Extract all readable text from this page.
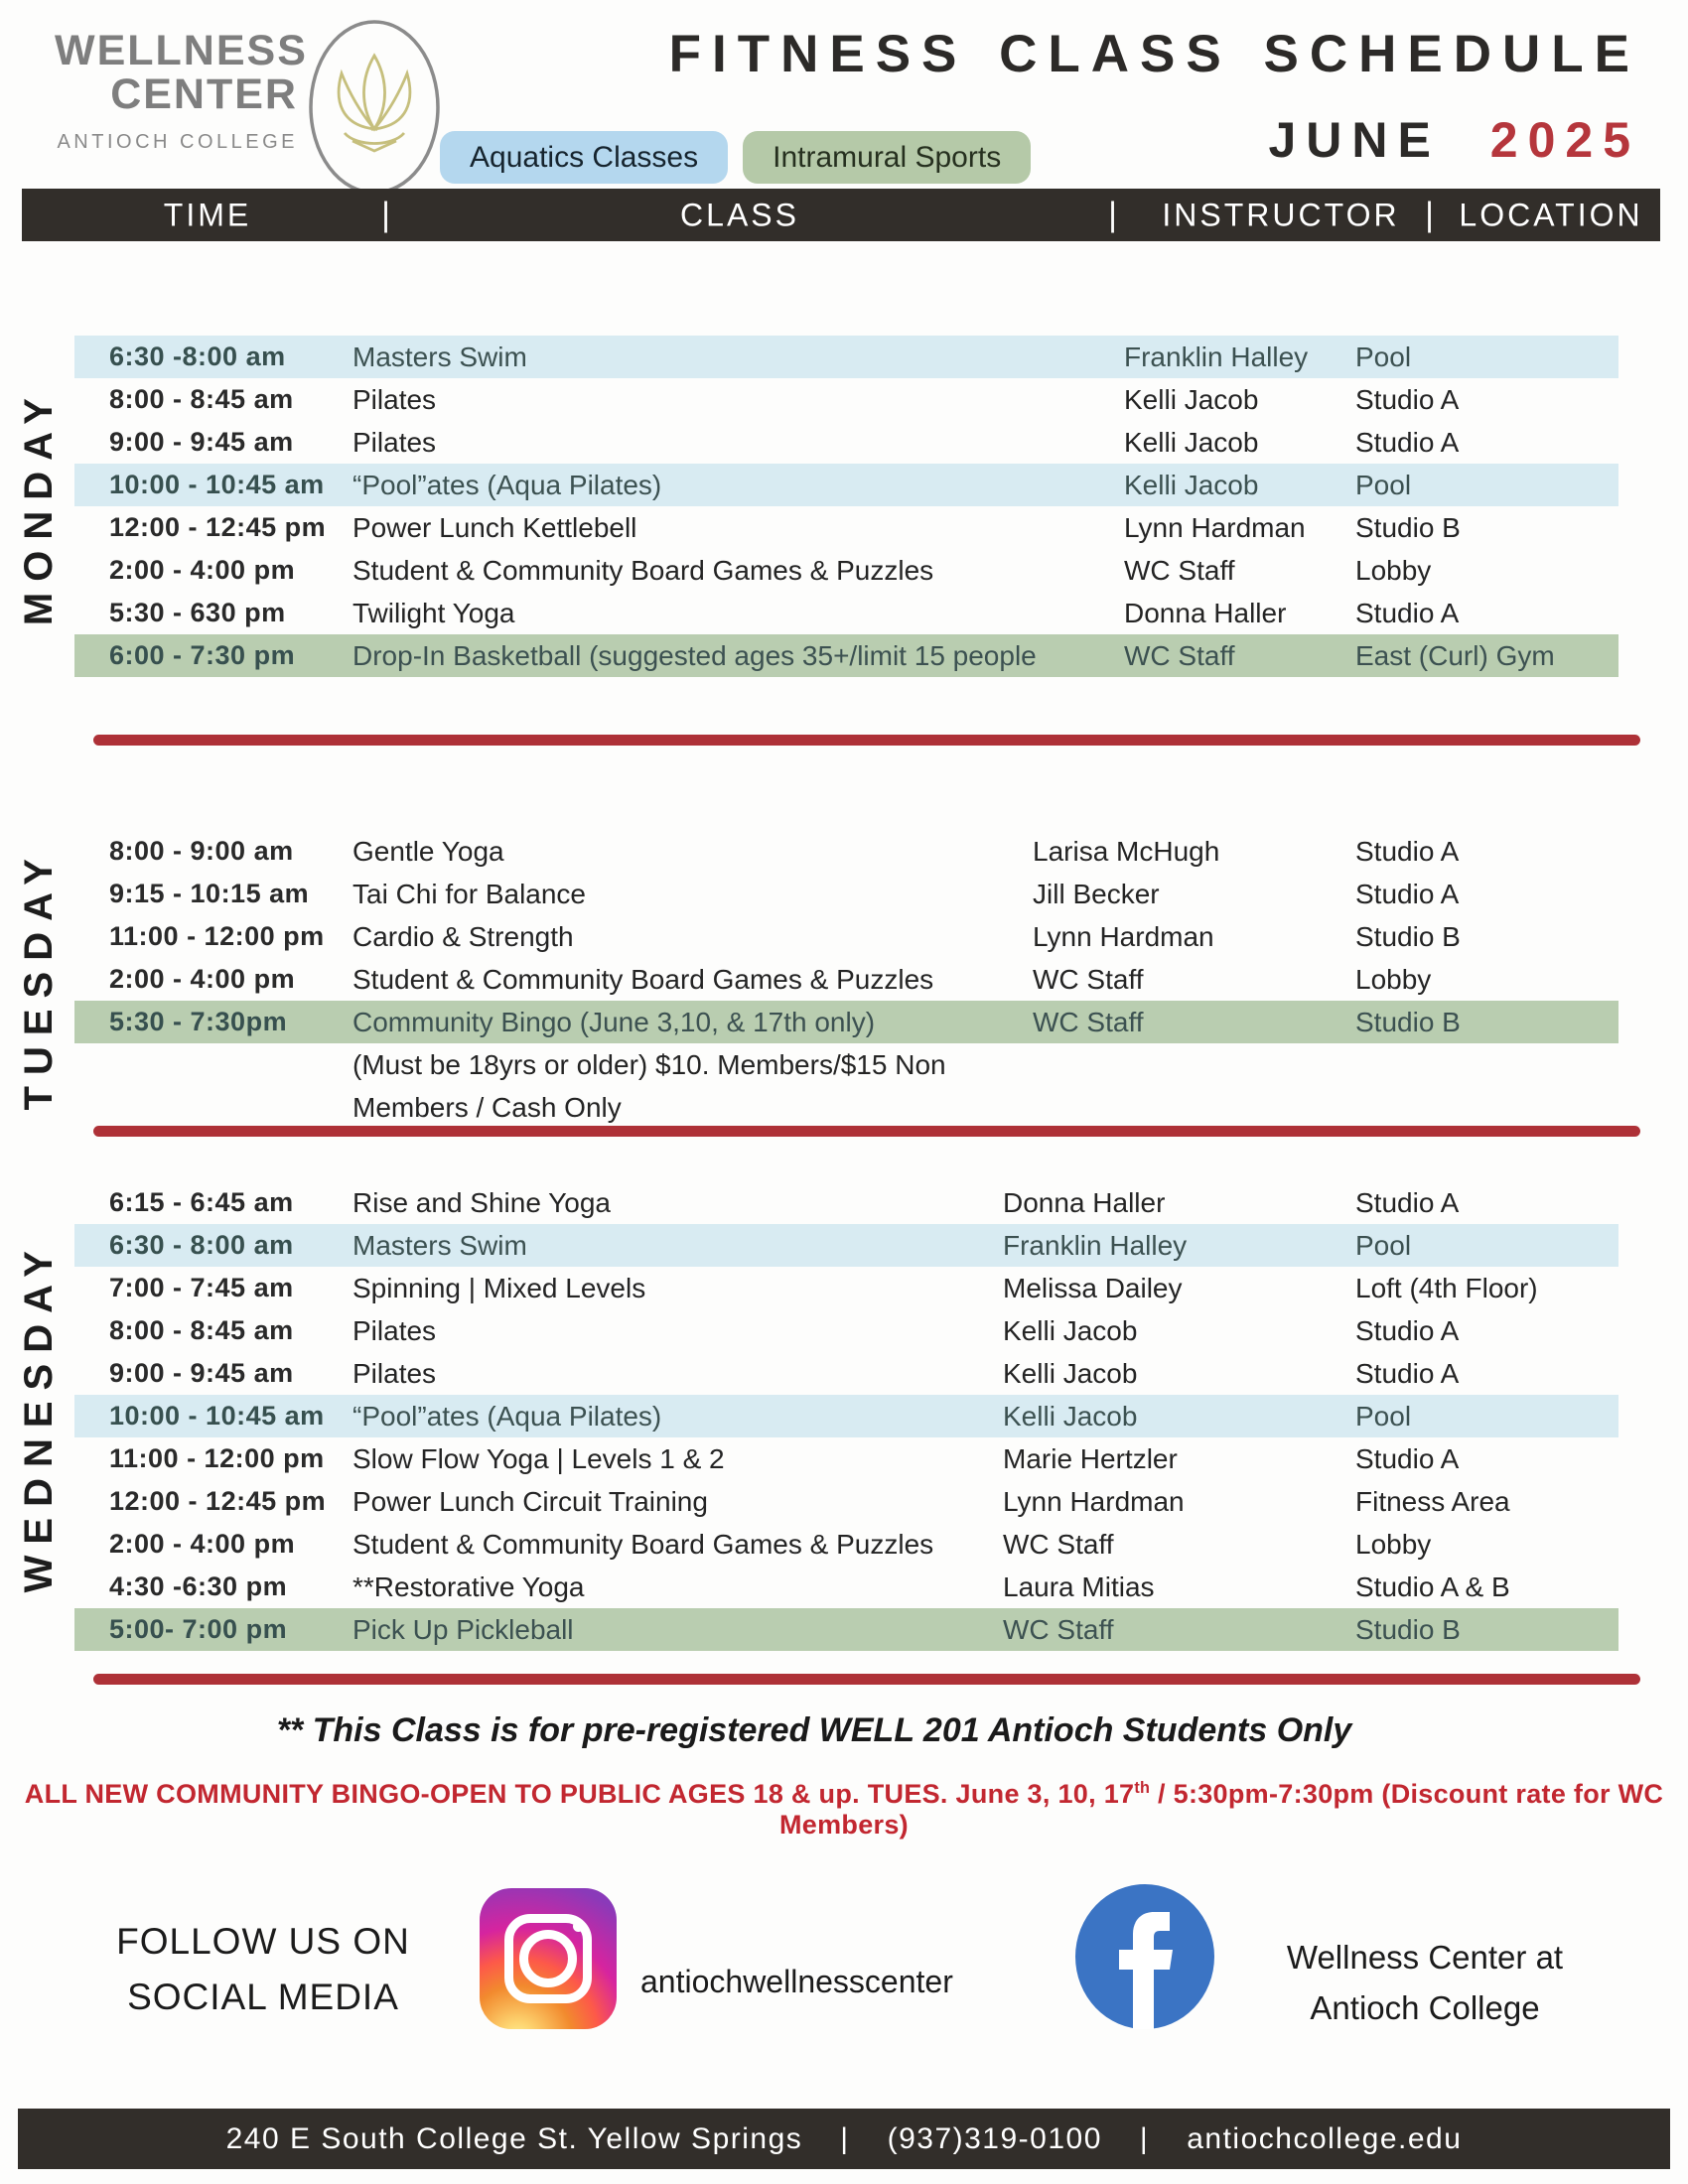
WELLNESS
CENTER
ANTIOCH COLLEGE
FITNESS CLASS SCHEDULE
JUNE 2025
Aquatics Classes	Intramural Sports
TIME	|	CLASS	| INSTRUCTOR | LOCATION
MONDAY
TUESDAY
WEDNESDAY
6:30 -8:00 am	Masters Swim	Franklin Halley	Pool
8:00 - 8:45 am	Pilates	Kelli Jacob	Studio A
9:00 - 9:45 am	Pilates	Kelli Jacob	Studio A
10:00 - 10:45 am	“Pool”ates (Aqua Pilates)	Kelli Jacob	Pool
12:00 - 12:45 pm Power Lunch Kettlebell	Lynn Hardman	Studio B
2:00 - 4:00 pm	Student & Community Board Games & Puzzles	WC Staff	Lobby
5:30 - 630 pm	Twilight Yoga	Donna Haller	Studio A
6:00 - 7:30 pm	Drop-In Basketball (suggested ages 35+/limit 15 people	WC Staff	East (Curl) Gym
8:00 - 9:00 am	Gentle Yoga	Larisa McHugh	Studio A
9:15 - 10:15 am	Tai Chi for Balance	Jill Becker	Studio A
11:00 - 12:00 pm	Cardio & Strength	Lynn Hardman	Studio B
2:00 - 4:00 pm	Student & Community Board Games & Puzzles	WC Staff	Lobby
5:30 - 7:30pm	Community Bingo (June 3,10, & 17th only)	WC Staff	Studio B
(Must be 18yrs or older) $10. Members/$15 Non
Members / Cash Only
6:15 - 6:45 am	Rise and Shine Yoga	Donna Haller	Studio A
6:30 - 8:00 am	Masters Swim	Franklin Halley	Pool
7:00 - 7:45 am	Spinning | Mixed Levels	Melissa Dailey	Loft (4th Floor)
8:00 - 8:45 am	Pilates	Kelli Jacob	Studio A
9:00 - 9:45 am	Pilates	Kelli Jacob	Studio A
10:00 - 10:45 am	“Pool”ates (Aqua Pilates)	Kelli Jacob	Pool
11:00 - 12:00 pm	Slow Flow Yoga | Levels 1 & 2	Marie Hertzler	Studio A
12:00 - 12:45 pm Power Lunch Circuit Training	Lynn Hardman	Fitness Area
2:00 - 4:00 pm	Student & Community Board Games & Puzzles	WC Staff	Lobby
4:30 -6:30 pm	**Restorative Yoga	Laura Mitias	Studio A & B
5:00- 7:00 pm	Pick Up Pickleball	WC Staff	Studio B
** This Class is for pre-registered WELL 201 Antioch Students Only
ALL NEW COMMUNITY BINGO-OPEN TO PUBLIC AGES 18 & up. TUES. June 3, 10, 17th / 5:30pm-7:30pm (Discount rate for WC Members)
FOLLOW US ON
SOCIAL MEDIA	antiochwellnesscenter
Wellness Center at
Antioch College
240 E South College St. Yellow Springs | (937)319-0100 | antiochcollege.edu
